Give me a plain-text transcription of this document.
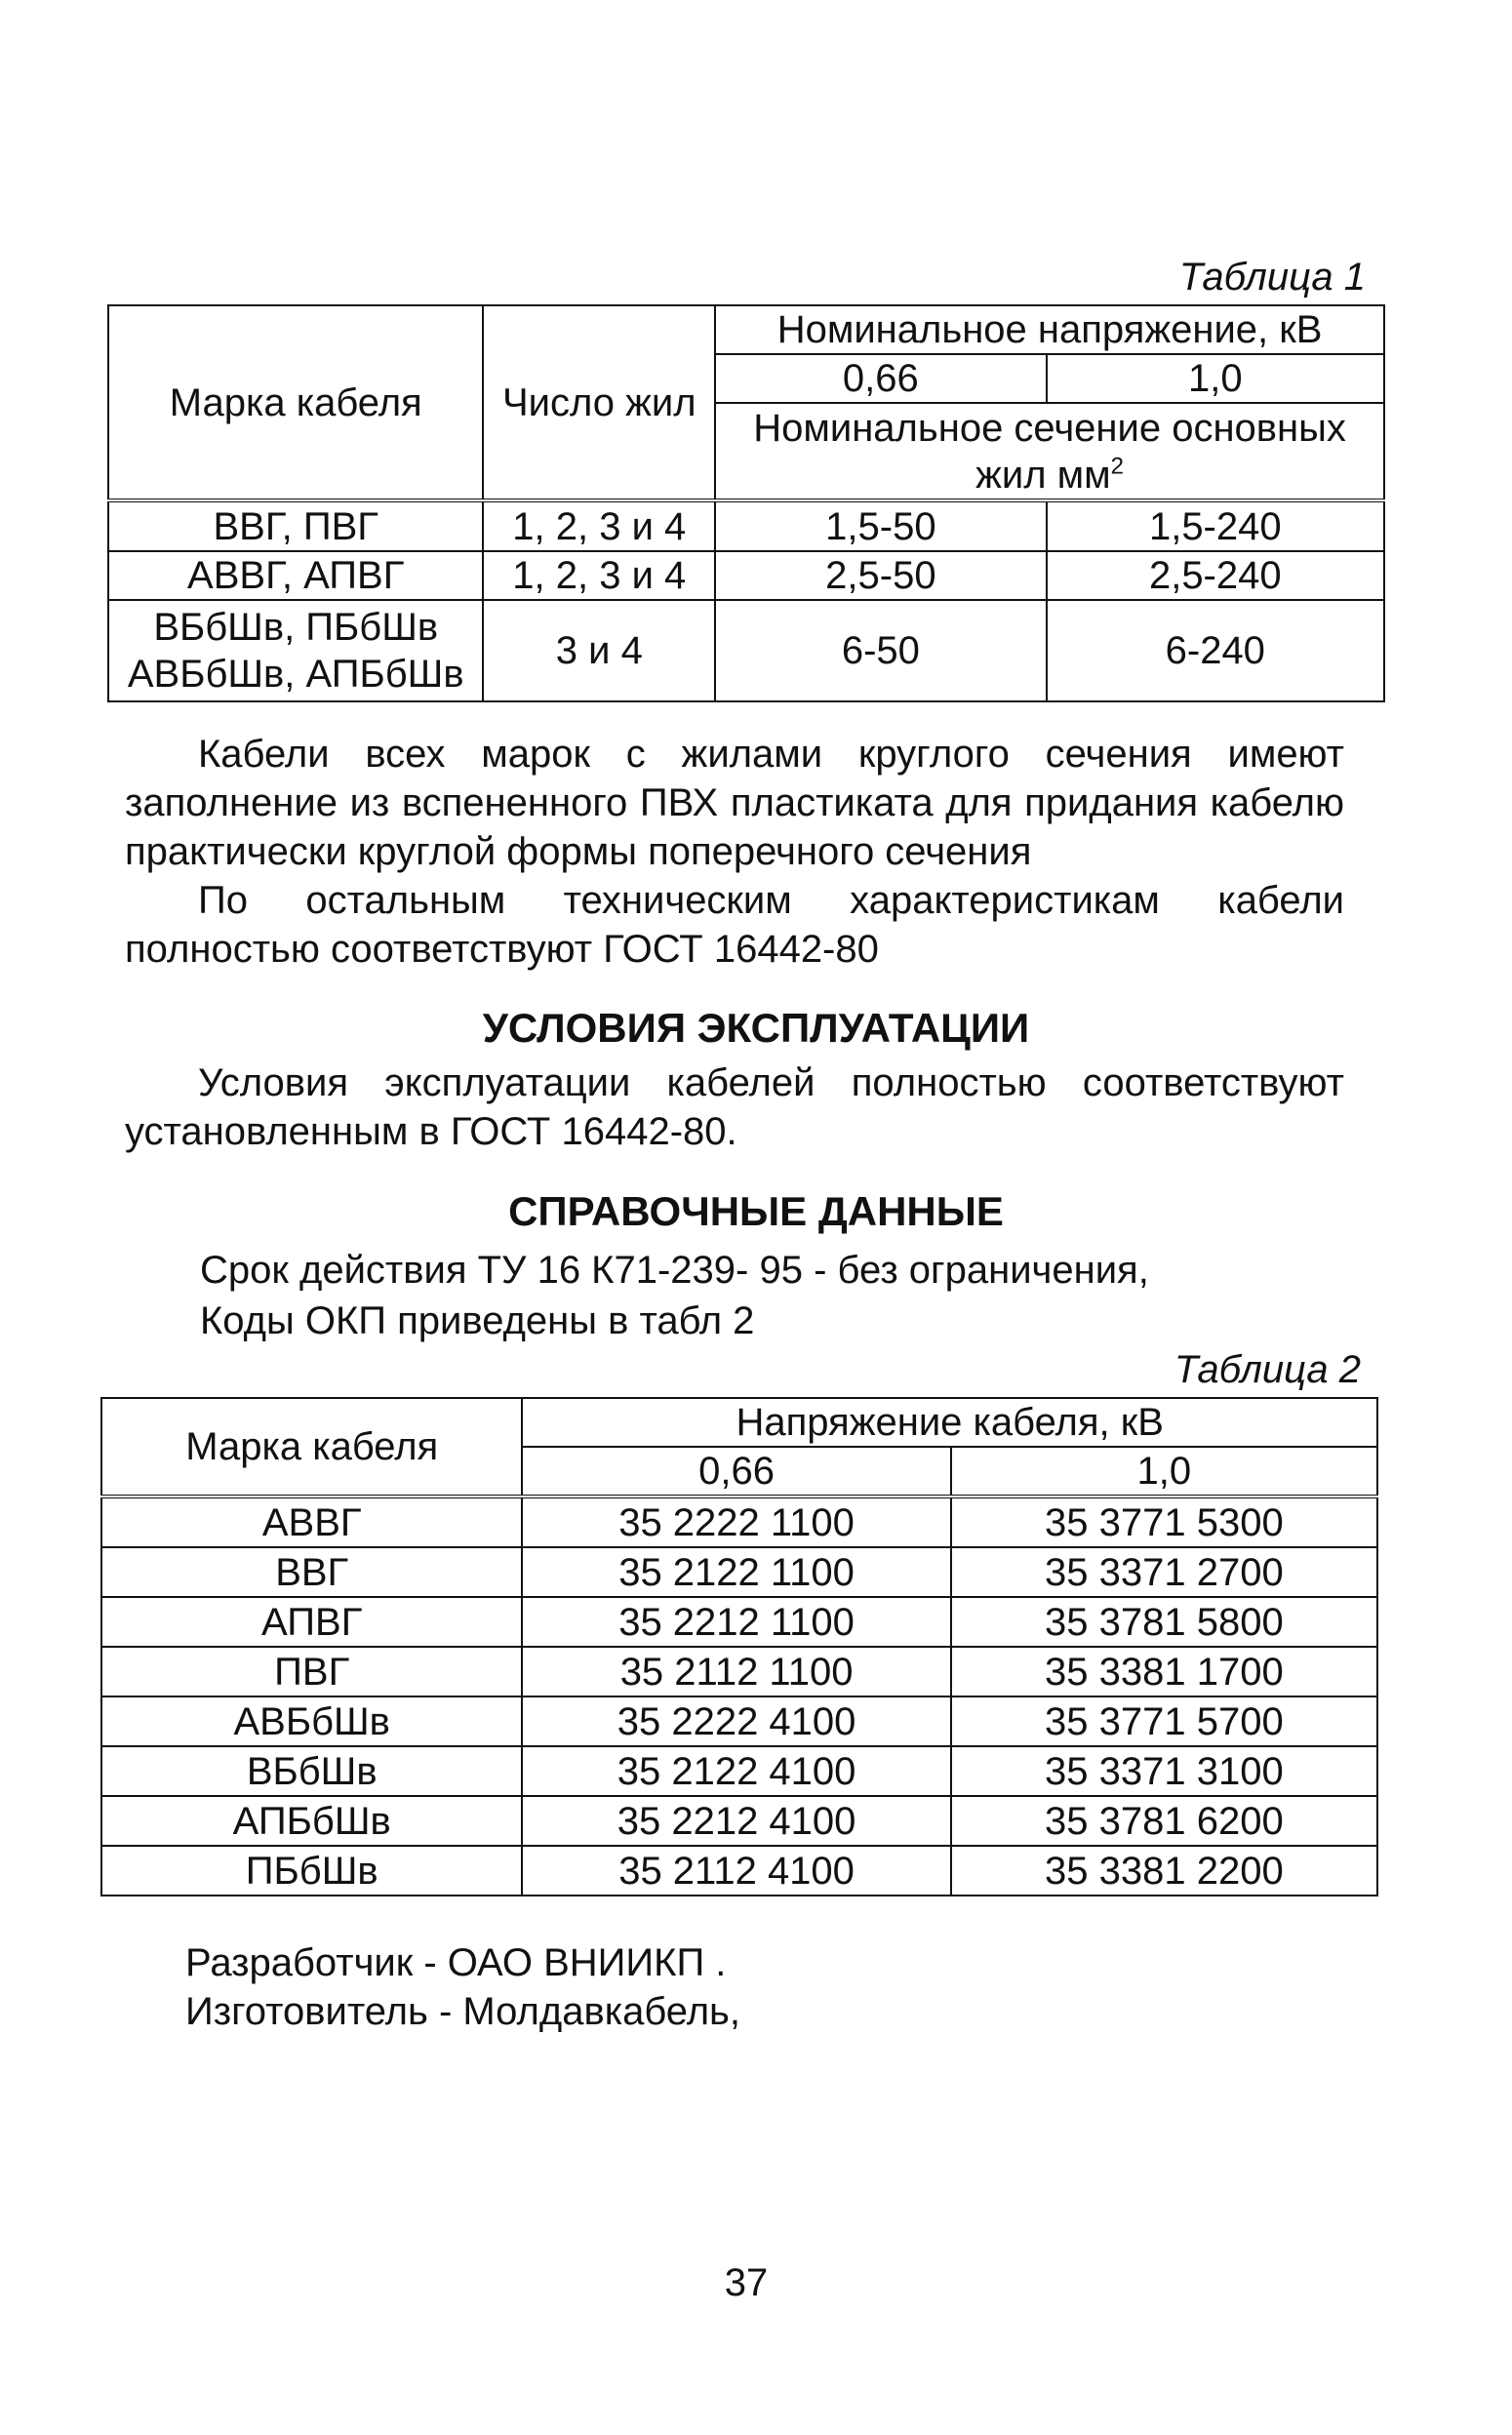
Таблица 1
Марка кабеля	Число жил	Номинальное напряжение, кВ	
		0,66	1,0
		Номинальное сечение основных жил $мм^2$
ВВГ, ПВГ	1, 2, 3 и 4	1,5-50	1,5-240
АВВГ, АПВГ	1, 2, 3 и 4	2,5-50	2,5-240

ВБбШв, ПБбШв
АВБбШв, АПБбШв	3 и 4	6-50	6-240
Кабели всех марок с жилами круглого сечения имеют заполнение из вспененного ПВХ пластиката для придания кабелю практически круглой формы поперечного сечения
По остальным техническим характеристикам кабели полностью соответствуют ГОСТ 16442-80
УСЛОВИЯ ЭКСПЛУАТАЦИИ
Условия эксплуатации кабелей полностью соответствуют установленным в ГОСТ 16442-80.
СПРАВОЧНЫЕ ДАННЫЕ
Срок действия ТУ 16 К71-239- 95 - без ограничения,
Коды ОКП приведены в табл 2
Таблица 2
Марка кабеля	Напряжение кабеля, кВ	
	0,66	1,0
АВВГ	35 2222 1100	35 3771 5300
ВВГ	35 2122 1100	35 3371 2700
АПВГ	35 2212 1100	35 3781 5800
ПВГ	35 2112 1100	35 3381 1700
АВБбШв	35 2222 4100	35 3771 5700
ВБбШв	35 2122 4100	35 3371 3100
АПБбШв	35 2212 4100	35 3781 6200
ПБбШв	35 2112 4100	35 3381 2200
Разработчик - ОАО ВНИИКП .
Изготовитель - Молдавкабель,
37
